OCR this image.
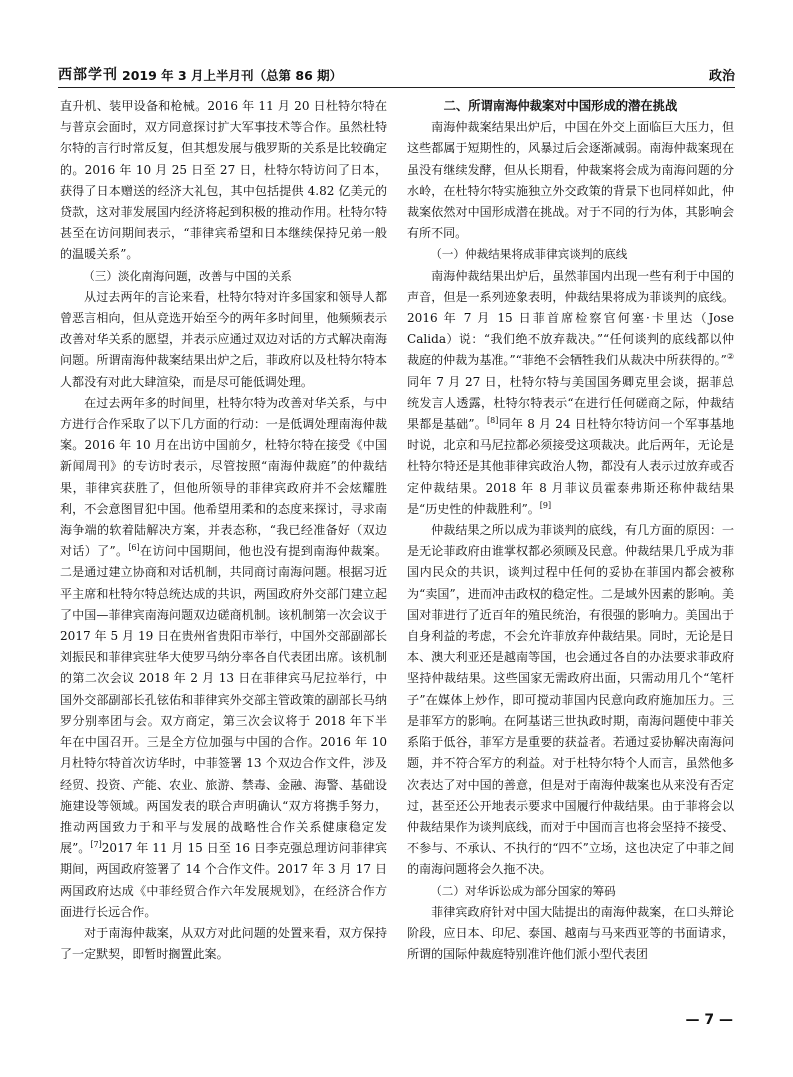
西部学刊 2019 年 3 月上半月刊（总第 86 期）	政治

直升机、装甲设备和枪械。2016 年 11 月 20 日杜特尔特在与普京会面时，双方同意探讨扩大军事技术等合作。虽然杜特尔特的言行时常反复，但其想发展与俄罗斯的关系是比较确定的。2016 年 10 月 25 日至 27 日，杜特尔特访问了日本，获得了日本赠送的经济大礼包，其中包括提供 4.82 亿美元的贷款，这对菲发展国内经济将起到积极的推动作用。杜特尔特甚至在访问期间表示，“菲律宾希望和日本继续保持兄弟一般的温暖关系”。

（三）淡化南海问题，改善与中国的关系

从过去两年的言论来看，杜特尔特对许多国家和领导人都曾恶言相向，但从竞选开始至今的两年多时间里，他频频表示改善对华关系的愿望，并表示应通过双边对话的方式解决南海问题。所谓南海仲裁案结果出炉之后，菲政府以及杜特尔特本人都没有对此大肆渲染，而是尽可能低调处理。

在过去两年多的时间里，杜特尔特为改善对华关系，与中方进行合作采取了以下几方面的行动：一是低调处理南海仲裁案。2016 年 10 月在出访中国前夕，杜特尔特在接受《中国新闻周刊》的专访时表示，尽管按照“南海仲裁庭”的仲裁结果，菲律宾获胜了，但他所领导的菲律宾政府并不会炫耀胜利，不会意图冒犯中国。他希望用柔和的态度来探讨，寻求南海争端的软着陆解决方案，并表态称，“我已经准备好（双边对话）了”。[6]在访问中国期间，他也没有提到南海仲裁案。二是通过建立协商和对话机制，共同商讨南海问题。根据习近平主席和杜特尔特总统达成的共识，两国政府外交部门建立起了中国—菲律宾南海问题双边磋商机制。该机制第一次会议于 2017 年 5 月 19 日在贵州省贵阳市举行，中国外交部副部长刘振民和菲律宾驻华大使罗马纳分率各自代表团出席。该机制的第二次会议 2018 年 2 月 13 日在菲律宾马尼拉举行，中国外交部副部长孔铉佑和菲律宾外交部主管政策的副部长马纳罗分别率团与会。双方商定，第三次会议将于 2018 年下半年在中国召开。三是全方位加强与中国的合作。2016 年 10 月杜特尔特首次访华时，中菲签署 13 个双边合作文件，涉及经贸、投资、产能、农业、旅游、禁毒、金融、海警、基础设施建设等领域。两国发表的联合声明确认“双方将携手努力，推动两国致力于和平与发展的战略性合作关系健康稳定发展”。[7]2017 年 11 月 15 日至 16 日李克强总理访问菲律宾期间，两国政府签署了 14 个合作文件。2017 年 3 月 17 日两国政府达成《中菲经贸合作六年发展规划》，在经济合作方面进行长远合作。

对于南海仲裁案，从双方对此问题的处置来看，双方保持了一定默契，即暂时搁置此案。

二、所谓南海仲裁案对中国形成的潜在挑战

南海仲裁案结果出炉后，中国在外交上面临巨大压力，但这些都属于短期性的，风暴过后会逐渐减弱。南海仲裁案现在虽没有继续发酵，但从长期看，仲裁案将会成为南海问题的分水岭，在杜特尔特实施独立外交政策的背景下也同样如此，仲裁案依然对中国形成潜在挑战。对于不同的行为体，其影响会有所不同。

（一）仲裁结果将成菲律宾谈判的底线

南海仲裁结果出炉后，虽然菲国内出现一些有利于中国的声音，但是一系列迹象表明，仲裁结果将成为菲谈判的底线。2016 年 7 月 15 日菲首席检察官何塞·卡里达（Jose Calida）说：“我们绝不放弃裁决。”“任何谈判的底线都以仲裁庭的仲裁为基准。”“菲绝不会牺牲我们从裁决中所获得的。”②同年 7 月 27 日，杜特尔特与美国国务卿克里会谈，据菲总统发言人透露，杜特尔特表示“在进行任何磋商之际，仲裁结果都是基础”。[8]同年 8 月 24 日杜特尔特访问一个军事基地时说，北京和马尼拉都必须接受这项裁决。此后两年，无论是杜特尔特还是其他菲律宾政治人物，都没有人表示过放弃或否定仲裁结果。2018 年 8 月菲议员霍泰弗斯还称仲裁结果是“历史性的仲裁胜利”。[9]

仲裁结果之所以成为菲谈判的底线，有几方面的原因：一是无论菲政府由谁掌权都必须顾及民意。仲裁结果几乎成为菲国内民众的共识，谈判过程中任何的妥协在菲国内都会被称为“卖国”，进而冲击政权的稳定性。二是域外因素的影响。美国对菲进行了近百年的殖民统治，有很强的影响力。美国出于自身利益的考虑，不会允许菲放弃仲裁结果。同时，无论是日本、澳大利亚还是越南等国，也会通过各自的办法要求菲政府坚持仲裁结果。这些国家无需政府出面，只需动用几个“笔杆子”在媒体上炒作，即可搅动菲国内民意向政府施加压力。三是菲军方的影响。在阿基诺三世执政时期，南海问题使中菲关系陷于低谷，菲军方是重要的获益者。若通过妥协解决南海问题，并不符合军方的利益。对于杜特尔特个人而言，虽然他多次表达了对中国的善意，但是对于南海仲裁案也从来没有否定过，甚至还公开地表示要求中国履行仲裁结果。由于菲将会以仲裁结果作为谈判底线，而对于中国而言也将会坚持不接受、不参与、不承认、不执行的“四不”立场，这也决定了中菲之间的南海问题将会久拖不决。

（二）对华诉讼成为部分国家的筹码

菲律宾政府针对中国大陆提出的南海仲裁案，在口头辩论阶段，应日本、印尼、泰国、越南与马来西亚等的书面请求，所谓的国际仲裁庭特别准许他们派小型代表团

— 7 —
